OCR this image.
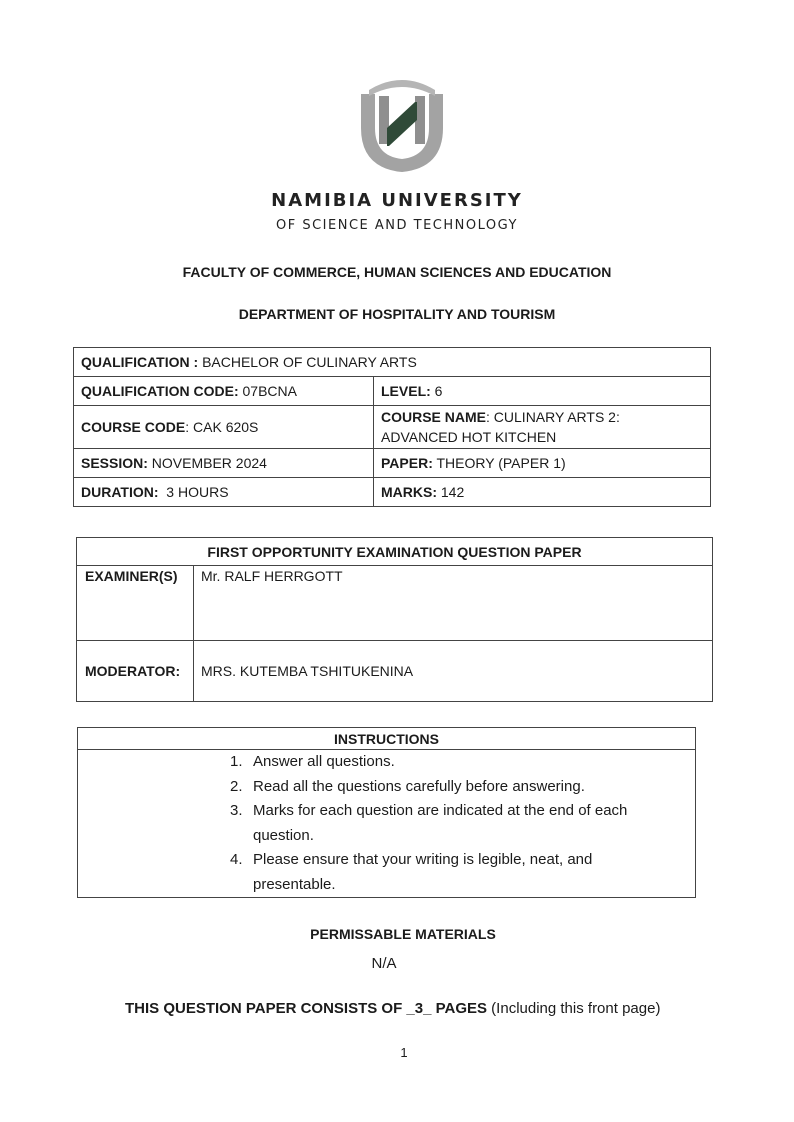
NAMIBIA UNIVERSITY
OF SCIENCE AND TECHNOLOGY
FACULTY OF COMMERCE, HUMAN SCIENCES AND EDUCATION
DEPARTMENT OF HOSPITALITY AND TOURISM
QUALIFICATION : BACHELOR OF CULINARY ARTS	
QUALIFICATION CODE: 07BCNA	LEVEL: 6
COURSE CODE: CAK 620S	COURSE NAME: CULINARY ARTS 2:
ADVANCED HOT KITCHEN
SESSION: NOVEMBER 2024	PAPER: THEORY (PAPER 1)
DURATION: 3 HOURS	MARKS: 142
FIRST OPPORTUNITY EXAMINATION QUESTION PAPER	
EXAMINER(S)	Mr. RALF HERRGOTT
MODERATOR:	MRS. KUTEMBA TSHITUKENINA
INSTRUCTIONS

1. Answer all questions.
2. Read all the questions carefully before answering.
3. Marks for each question are indicated at the end of each
question.
4. Please ensure that your writing is legible, neat, and
presentable.
PERMISSABLE MATERIALS
N/A
THIS QUESTION PAPER CONSISTS OF _3_ PAGES (Including this front page)
1
